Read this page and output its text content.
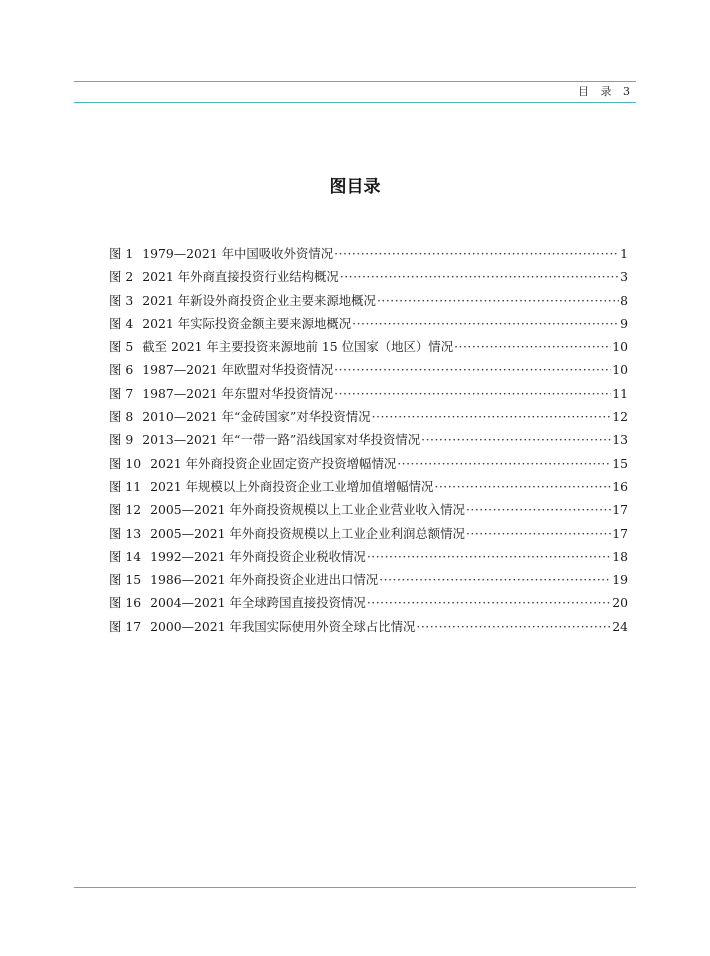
目 录 3
图目录
图 1 1979—2021 年中国吸收外资情况 ·····	1
图 2 2021 年外商直接投资行业结构概况 ·····	3
图 3 2021 年新设外商投资企业主要来源地概况 ·····	8
图 4 2021 年实际投资金额主要来源地概况 ·····	9
图 5 截至 2021 年主要投资来源地前 15 位国家（地区）情况 ·····	10
图 6 1987—2021 年欧盟对华投资情况 ·····	10
图 7 1987—2021 年东盟对华投资情况 ·····	11
图 8 2010—2021 年“金砖国家”对华投资情况 ·····	12
图 9 2013—2021 年“一带一路”沿线国家对华投资情况 ·····	13
图 10 2021 年外商投资企业固定资产投资增幅情况 ·····	15
图 11 2021 年规模以上外商投资企业工业增加值增幅情况 ·····	16
图 12 2005—2021 年外商投资规模以上工业企业营业收入情况 ·····	17
图 13 2005—2021 年外商投资规模以上工业企业利润总额情况 ·····	17
图 14 1992—2021 年外商投资企业税收情况 ·····	18
图 15 1986—2021 年外商投资企业进出口情况 ·····	19
图 16 2004—2021 年全球跨国直接投资情况 ·····	20
图 17 2000—2021 年我国实际使用外资全球占比情况 ·····	24
